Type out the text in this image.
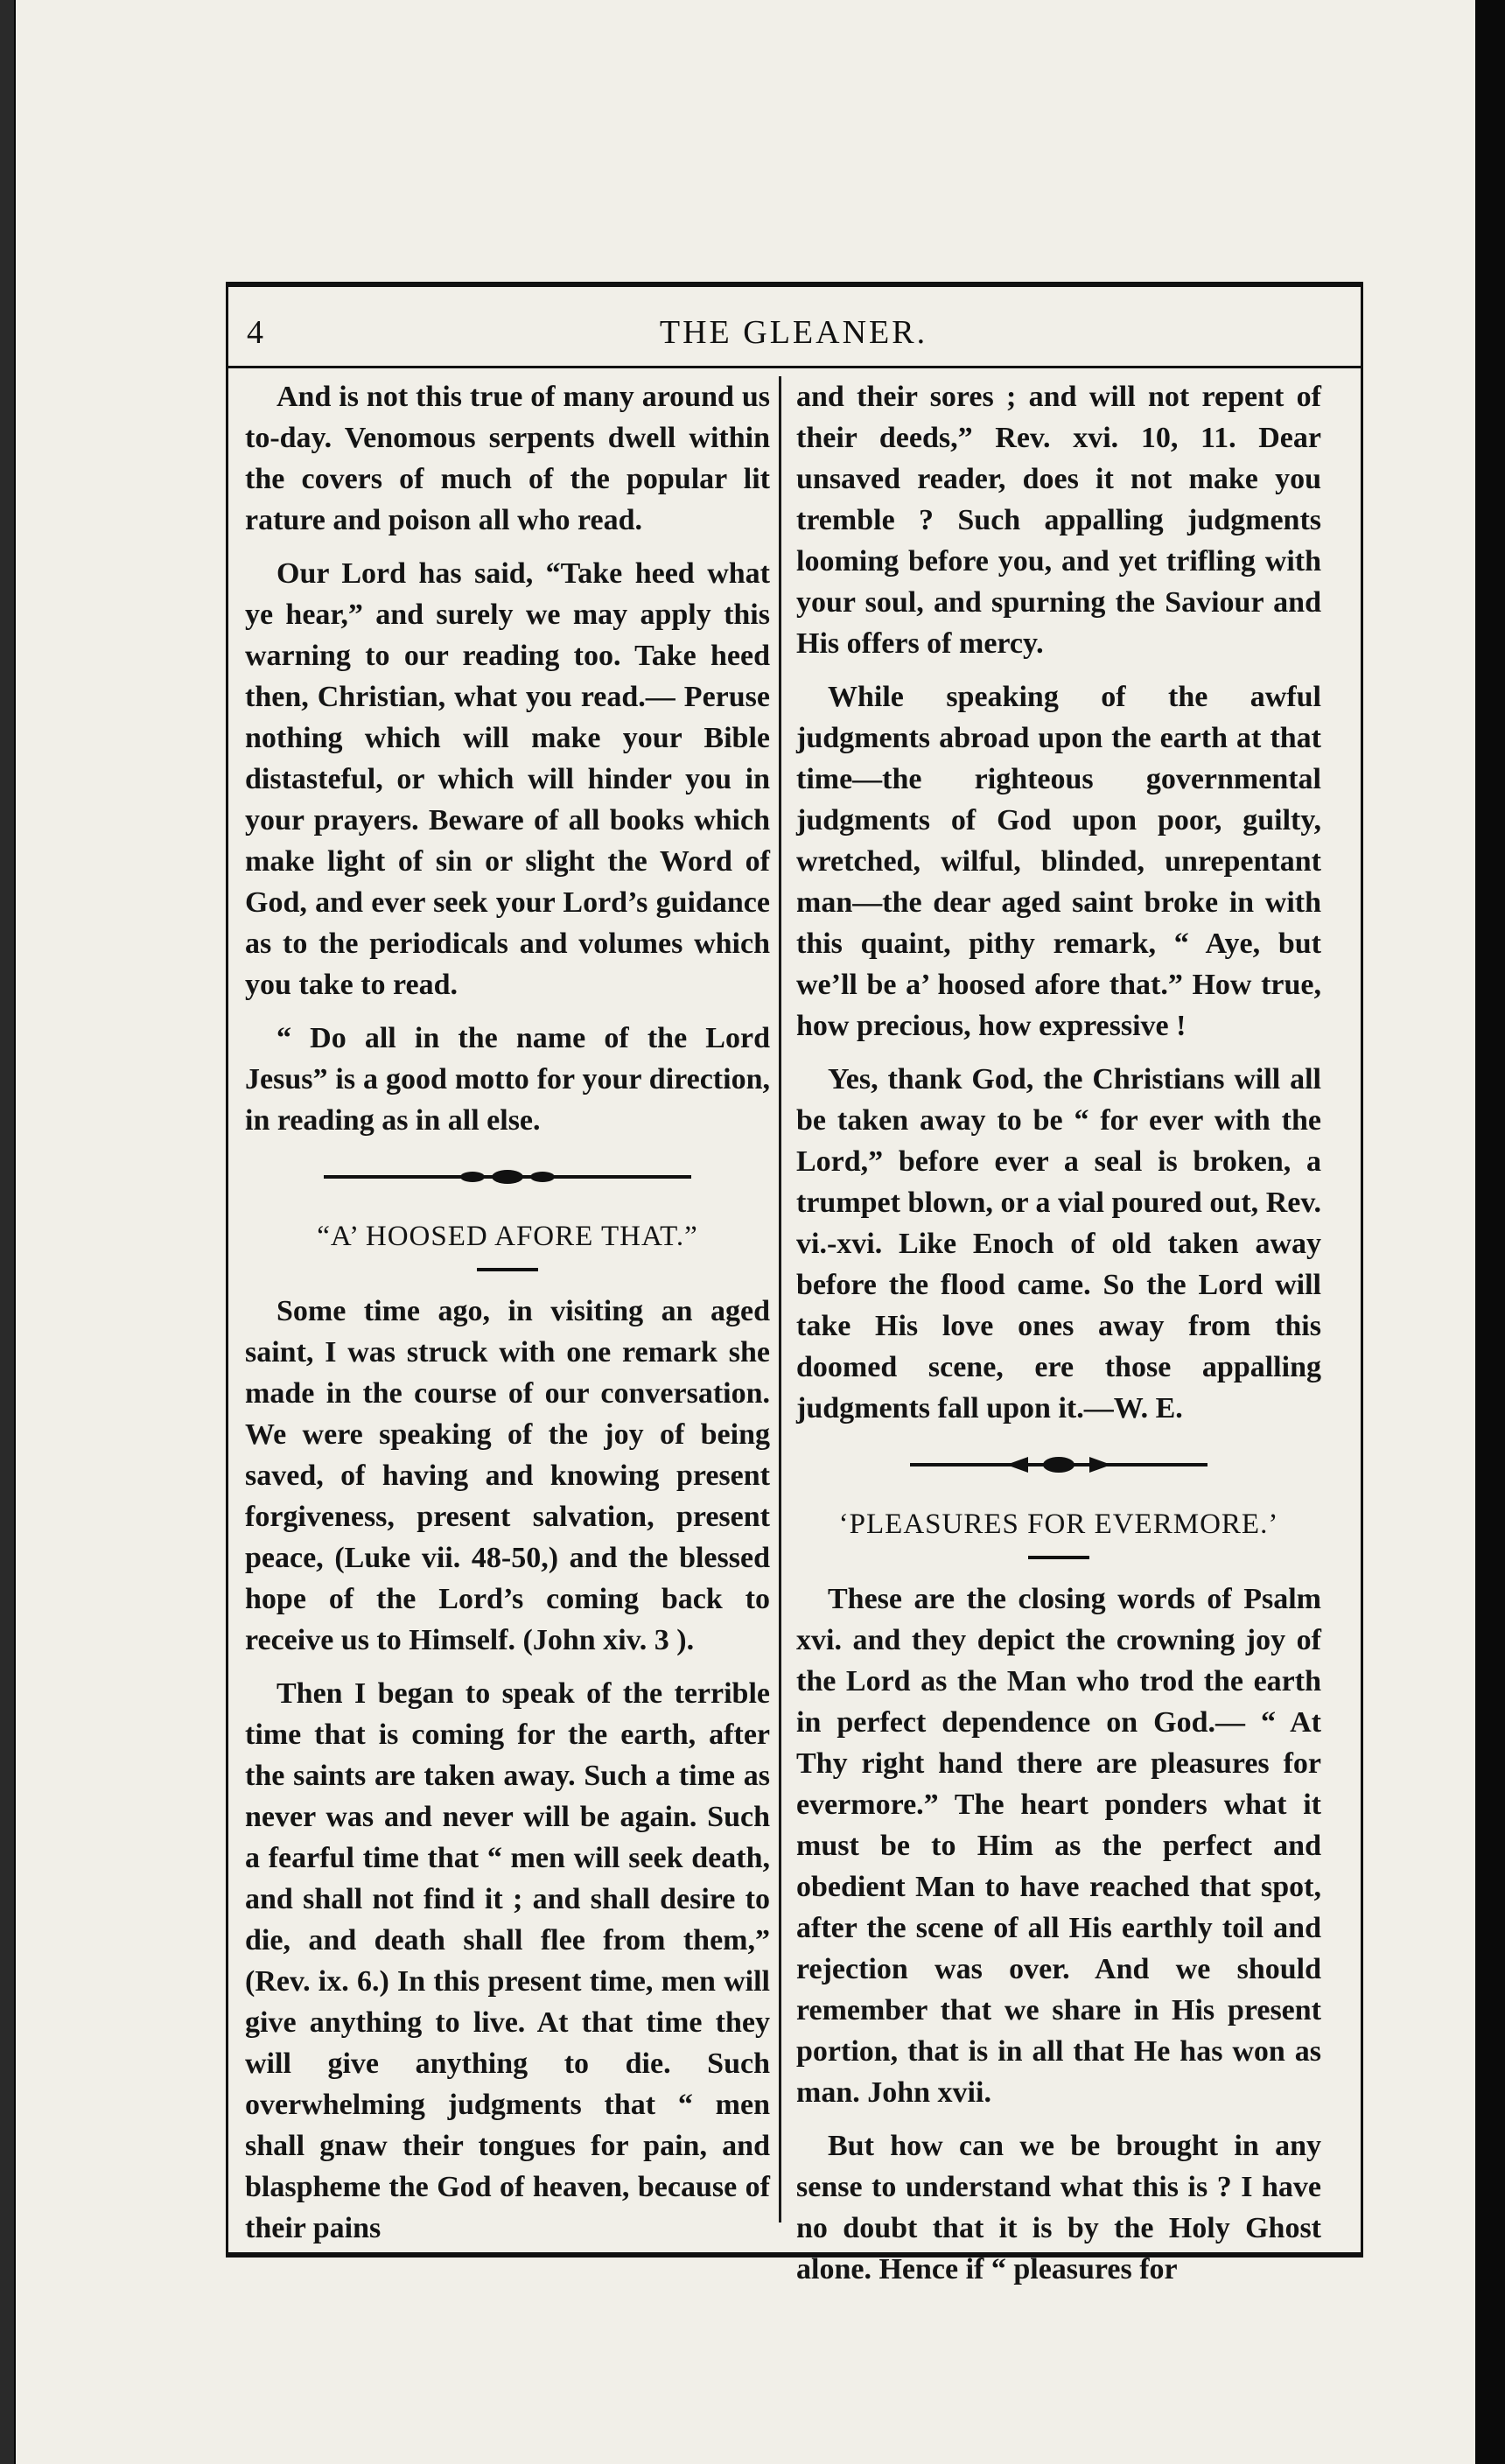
4	THE GLEANER.

And is not this true of many around us to-day. Venomous serpents dwell within the covers of much of the popular lit rature and poison all who read.

Our Lord has said, “Take heed what ye hear,” and surely we may apply this warning to our reading too. Take heed then, Christian, what you read.— Peruse nothing which will make your Bible distasteful, or which will hinder you in your prayers. Beware of all books which make light of sin or slight the Word of God, and ever seek your Lord’s guidance as to the periodicals and volumes which you take to read.

“ Do all in the name of the Lord Jesus” is a good motto for your direction, in reading as in all else.

“A’ HOOSED AFORE THAT.”

Some time ago, in visiting an aged saint, I was struck with one remark she made in the course of our conversation. We were speaking of the joy of being saved, of having and knowing present forgiveness, present salvation, present peace, (Luke vii. 48-50,) and the blessed hope of the Lord’s coming back to receive us to Himself. (John xiv. 3 ).

Then I began to speak of the terrible time that is coming for the earth, after the saints are taken away. Such a time as never was and never will be again. Such a fearful time that “ men will seek death, and shall not find it ; and shall desire to die, and death shall flee from them,” (Rev. ix. 6.) In this present time, men will give anything to live. At that time they will give anything to die. Such overwhelming judgments that “ men shall gnaw their tongues for pain, and blaspheme the God of heaven, because of their pains

and their sores ; and will not repent of their deeds,” Rev. xvi. 10, 11. Dear unsaved reader, does it not make you tremble ? Such appalling judgments looming before you, and yet trifling with your soul, and spurning the Saviour and His offers of mercy.

While speaking of the awful judgments abroad upon the earth at that time—the righteous governmental judgments of God upon poor, guilty, wretched, wilful, blinded, unrepentant man—the dear aged saint broke in with this quaint, pithy remark, “ Aye, but we’ll be a’ hoosed afore that.” How true, how precious, how expressive !

Yes, thank God, the Christians will all be taken away to be “ for ever with the Lord,” before ever a seal is broken, a trumpet blown, or a vial poured out, Rev. vi.-xvi. Like Enoch of old taken away before the flood came. So the Lord will take His love ones away from this doomed scene, ere those appalling judgments fall upon it.—W. E.

‘PLEASURES FOR EVERMORE.’

These are the closing words of Psalm xvi. and they depict the crowning joy of the Lord as the Man who trod the earth in perfect dependence on God.— “ At Thy right hand there are pleasures for evermore.” The heart ponders what it must be to Him as the perfect and obedient Man to have reached that spot, after the scene of all His earthly toil and rejection was over. And we should remember that we share in His present portion, that is in all that He has won as man. John xvii.

But how can we be brought in any sense to understand what this is ? I have no doubt that it is by the Holy Ghost alone. Hence if “ pleasures for
